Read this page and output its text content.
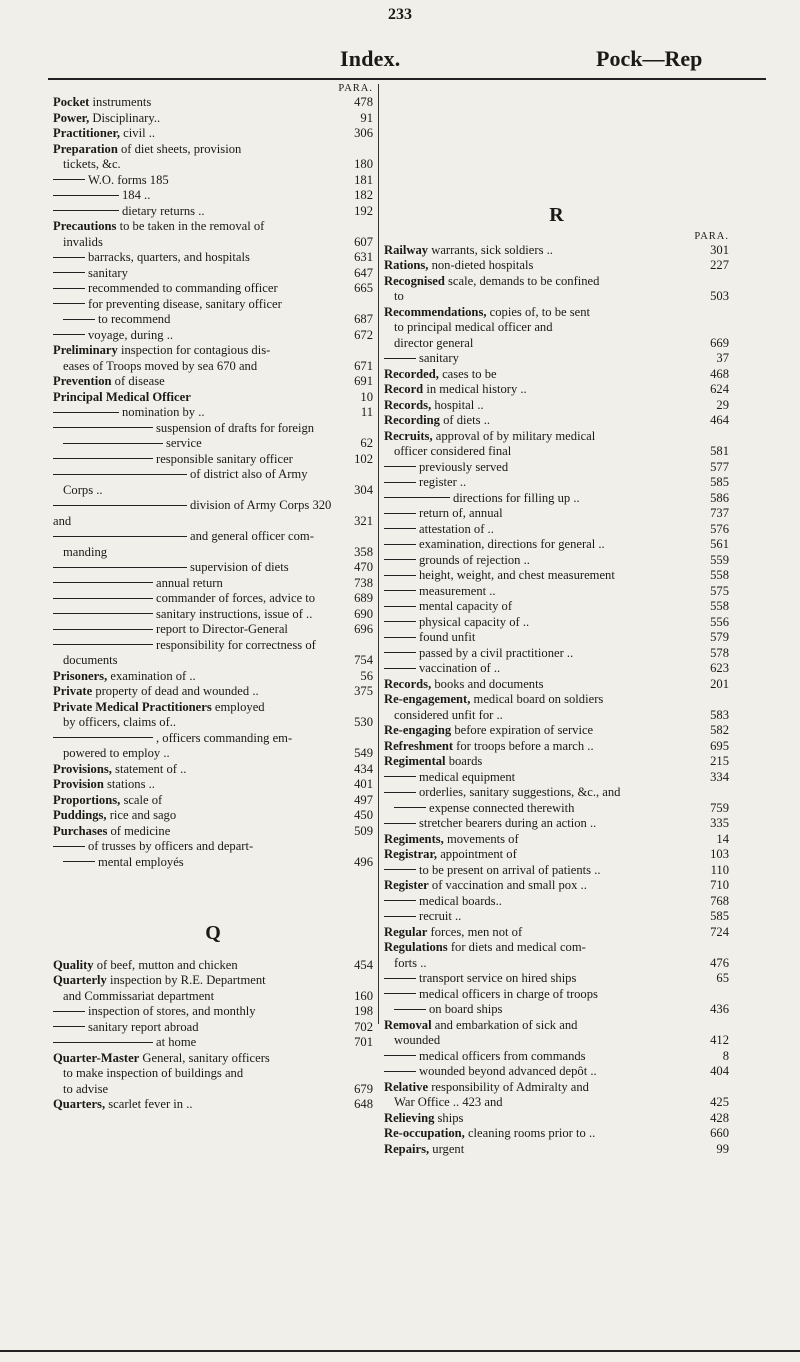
233
Index.	Pock—Rep
PARA.
Pocket instruments	478
Power, Disciplinary..	91
Practitioner, civil ..	306
Preparation of diet sheets, provision
tickets, &c.	180
W.O. forms 185	181
184 ..	182
dietary returns ..	192
Precautions to be taken in the removal of
invalids	607
barracks, quarters, and hospitals	631
sanitary	647
recommended to commanding officer	665
for preventing disease, sanitary officer
to recommend	687
voyage, during ..	672
Preliminary inspection for contagious dis-
eases of Troops moved by sea 670 and	671
Prevention of disease	691
Principal Medical Officer	10
nomination by ..	11
suspension of drafts for foreign
service	62
responsible sanitary officer	102
of district also of Army
Corps ..	304
division of Army Corps 320 and	321
and general officer com-
manding	358
supervision of diets	470
annual return	738
commander of forces, advice to	689
sanitary instructions, issue of ..	690
report to Director-General	696
responsibility for correctness of
documents	754
Prisoners, examination of ..	56
Private property of dead and wounded ..	375
Private Medical Practitioners employed
by officers, claims of..	530
, officers commanding em-
powered to employ ..	549
Provisions, statement of ..	434
Provision stations ..	401
Proportions, scale of	497
Puddings, rice and sago	450
Purchases of medicine	509
of trusses by officers and depart-
mental employés	496
Q
Quality of beef, mutton and chicken	454
Quarterly inspection by R.E. Department
and Commissariat department	160
inspection of stores, and monthly	198
sanitary report abroad	702
at home	701
Quarter-Master General, sanitary officers
to make inspection of buildings and
to advise	679
Quarters, scarlet fever in ..	648
R
PARA.
Railway warrants, sick soldiers ..	301
Rations, non-dieted hospitals	227
Recognised scale, demands to be confined
to	503
Recommendations, copies of, to be sent
to principal medical officer and
director general	669
sanitary	37
Recorded, cases to be	468
Record in medical history ..	624
Records, hospital ..	29
Recording of diets ..	464
Recruits, approval of by military medical
officer considered final	581
previously served	577
register ..	585
directions for filling up ..	586
return of, annual	737
attestation of ..	576
examination, directions for general ..	561
grounds of rejection ..	559
height, weight, and chest measurement	558
measurement ..	575
mental capacity of	558
physical capacity of ..	556
found unfit	579
passed by a civil practitioner ..	578
vaccination of ..	623
Records, books and documents	201
Re-engagement, medical board on soldiers
considered unfit for ..	583
Re-engaging before expiration of service	582
Refreshment for troops before a march ..	695
Regimental boards	215
medical equipment	334
orderlies, sanitary suggestions, &c., and
expense connected therewith	759
stretcher bearers during an action ..	335
Regiments, movements of	14
Registrar, appointment of	103
to be present on arrival of patients ..	110
Register of vaccination and small pox ..	710
medical boards..	768
recruit ..	585
Regular forces, men not of	724
Regulations for diets and medical com-
forts ..	476
transport service on hired ships	65
medical officers in charge of troops
on board ships	436
Removal and embarkation of sick and
wounded	412
medical officers from commands	8
wounded beyond advanced depôt ..	404
Relative responsibility of Admiralty and
War Office .. 423 and	425
Relieving ships	428
Re-occupation, cleaning rooms prior to ..	660
Repairs, urgent	99
